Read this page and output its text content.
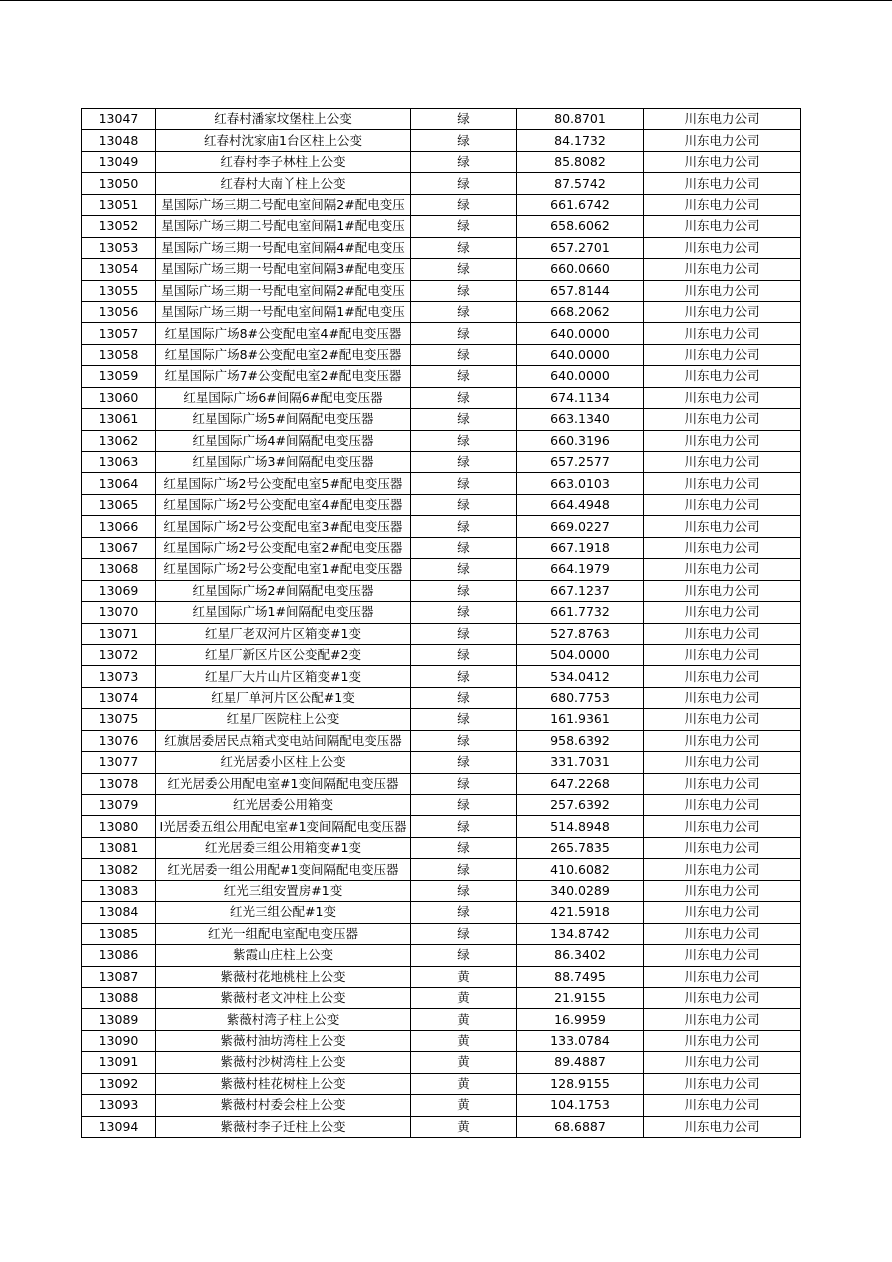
13047	红春村潘家坟堡柱上公变	绿	80.8701	川东电力公司
13048	红春村沈家庙1台区柱上公变	绿	84.1732	川东电力公司
13049	红春村李子林柱上公变	绿	85.8082	川东电力公司
13050	红春村大南丫柱上公变	绿	87.5742	川东电力公司
13051	星国际广场三期二号配电室间隔2#配电变压	绿	661.6742	川东电力公司
13052	星国际广场三期二号配电室间隔1#配电变压	绿	658.6062	川东电力公司
13053	星国际广场三期一号配电室间隔4#配电变压	绿	657.2701	川东电力公司
13054	星国际广场三期一号配电室间隔3#配电变压	绿	660.0660	川东电力公司
13055	星国际广场三期一号配电室间隔2#配电变压	绿	657.8144	川东电力公司
13056	星国际广场三期一号配电室间隔1#配电变压	绿	668.2062	川东电力公司
13057	红星国际广场8#公变配电室4#配电变压器	绿	640.0000	川东电力公司
13058	红星国际广场8#公变配电室2#配电变压器	绿	640.0000	川东电力公司
13059	红星国际广场7#公变配电室2#配电变压器	绿	640.0000	川东电力公司
13060	红星国际广场6#间隔6#配电变压器	绿	674.1134	川东电力公司
13061	红星国际广场5#间隔配电变压器	绿	663.1340	川东电力公司
13062	红星国际广场4#间隔配电变压器	绿	660.3196	川东电力公司
13063	红星国际广场3#间隔配电变压器	绿	657.2577	川东电力公司
13064	红星国际广场2号公变配电室5#配电变压器	绿	663.0103	川东电力公司
13065	红星国际广场2号公变配电室4#配电变压器	绿	664.4948	川东电力公司
13066	红星国际广场2号公变配电室3#配电变压器	绿	669.0227	川东电力公司
13067	红星国际广场2号公变配电室2#配电变压器	绿	667.1918	川东电力公司
13068	红星国际广场2号公变配电室1#配电变压器	绿	664.1979	川东电力公司
13069	红星国际广场2#间隔配电变压器	绿	667.1237	川东电力公司
13070	红星国际广场1#间隔配电变压器	绿	661.7732	川东电力公司
13071	红星厂老双河片区箱变#1变	绿	527.8763	川东电力公司
13072	红星厂新区片区公变配#2变	绿	504.0000	川东电力公司
13073	红星厂大片山片区箱变#1变	绿	534.0412	川东电力公司
13074	红星厂单河片区公配#1变	绿	680.7753	川东电力公司
13075	红星厂医院柱上公变	绿	161.9361	川东电力公司
13076	红旗居委居民点箱式变电站间隔配电变压器	绿	958.6392	川东电力公司
13077	红光居委小区柱上公变	绿	331.7031	川东电力公司
13078	红光居委公用配电室#1变间隔配电变压器	绿	647.2268	川东电力公司
13079	红光居委公用箱变	绿	257.6392	川东电力公司
13080	I光居委五组公用配电室#1变间隔配电变压器	绿	514.8948	川东电力公司
13081	红光居委三组公用箱变#1变	绿	265.7835	川东电力公司
13082	红光居委一组公用配#1变间隔配电变压器	绿	410.6082	川东电力公司
13083	红光三组安置房#1变	绿	340.0289	川东电力公司
13084	红光三组公配#1变	绿	421.5918	川东电力公司
13085	红光一组配电室配电变压器	绿	134.8742	川东电力公司
13086	紫霞山庄柱上公变	绿	86.3402	川东电力公司
13087	紫薇村花地桃柱上公变	黄	88.7495	川东电力公司
13088	紫薇村老文冲柱上公变	黄	21.9155	川东电力公司
13089	紫薇村湾子柱上公变	黄	16.9959	川东电力公司
13090	紫薇村油坊湾柱上公变	黄	133.0784	川东电力公司
13091	紫薇村沙树湾柱上公变	黄	89.4887	川东电力公司
13092	紫薇村桂花树柱上公变	黄	128.9155	川东电力公司
13093	紫薇村村委会柱上公变	黄	104.1753	川东电力公司
13094	紫薇村李子迁柱上公变	黄	68.6887	川东电力公司
